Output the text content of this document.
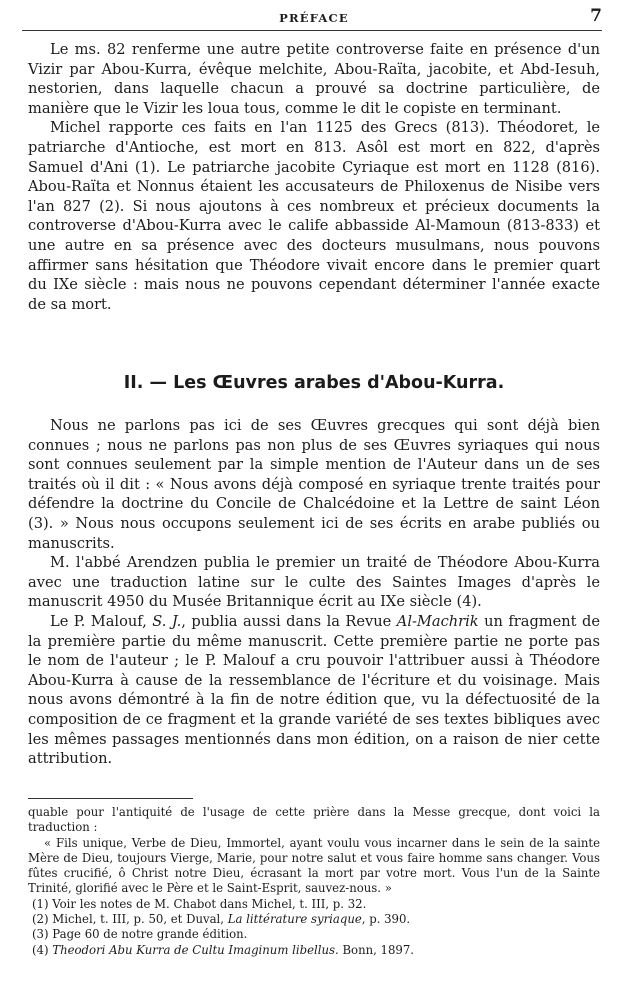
PRÉFACE	7

Le ms. 82 renferme une autre petite controverse faite en présence d'un Vizir par Abou-Kurra, évêque melchite, Abou-Raïta, jacobite, et Abd-Iesuh, nestorien, dans laquelle chacun a prouvé sa doctrine particulière, de manière que le Vizir les loua tous, comme le dit le copiste en terminant.

Michel rapporte ces faits en l'an 1125 des Grecs (813). Théodoret, le patriarche d'Antioche, est mort en 813. Asôl est mort en 822, d'après Samuel d'Ani (1). Le patriarche jacobite Cyriaque est mort en 1128 (816). Abou-Raïta et Nonnus étaient les accusateurs de Philoxenus de Nisibe vers l'an 827 (2). Si nous ajoutons à ces nombreux et précieux documents la controverse d'Abou-Kurra avec le calife abbasside Al-Mamoun (813-833) et une autre en sa présence avec des docteurs musulmans, nous pouvons affirmer sans hésitation que Théodore vivait encore dans le premier quart du IXe siècle : mais nous ne pouvons cependant déterminer l'année exacte de sa mort.

II. — Les Œuvres arabes d'Abou-Kurra.

Nous ne parlons pas ici de ses Œuvres grecques qui sont déjà bien connues ; nous ne parlons pas non plus de ses Œuvres syriaques qui nous sont connues seulement par la simple mention de l'Auteur dans un de ses traités où il dit : « Nous avons déjà composé en syriaque trente traités pour défendre la doctrine du Concile de Chalcédoine et la Lettre de saint Léon (3). » Nous nous occupons seulement ici de ses écrits en arabe publiés ou manuscrits.

M. l'abbé Arendzen publia le premier un traité de Théodore Abou-Kurra avec une traduction latine sur le culte des Saintes Images d'après le manuscrit 4950 du Musée Britannique écrit au IXe siècle (4).

Le P. Malouf, S. J., publia aussi dans la Revue Al-Machrik un fragment de la première partie du même manuscrit. Cette première partie ne porte pas le nom de l'auteur ; le P. Malouf a cru pouvoir l'attribuer aussi à Théodore Abou-Kurra à cause de la ressemblance de l'écriture et du voisinage. Mais nous avons démontré à la fin de notre édition que, vu la défectuosité de la composition de ce fragment et la grande variété de ses textes bibliques avec les mêmes passages mentionnés dans mon édition, on a raison de nier cette attribution.

quable pour l'antiquité de l'usage de cette prière dans la Messe grecque, dont voici la traduction :

« Fils unique, Verbe de Dieu, Immortel, ayant voulu vous incarner dans le sein de la sainte Mère de Dieu, toujours Vierge, Marie, pour notre salut et vous faire homme sans changer. Vous fûtes crucifié, ô Christ notre Dieu, écrasant la mort par votre mort. Vous l'un de la Sainte Trinité, glorifié avec le Père et le Saint-Esprit, sauvez-nous. »

(1) Voir les notes de M. Chabot dans Michel, t. III, p. 32.

(2) Michel, t. III, p. 50, et Duval, La littérature syriaque, p. 390.

(3) Page 60 de notre grande édition.

(4) Theodori Abu Kurra de Cultu Imaginum libellus. Bonn, 1897.
